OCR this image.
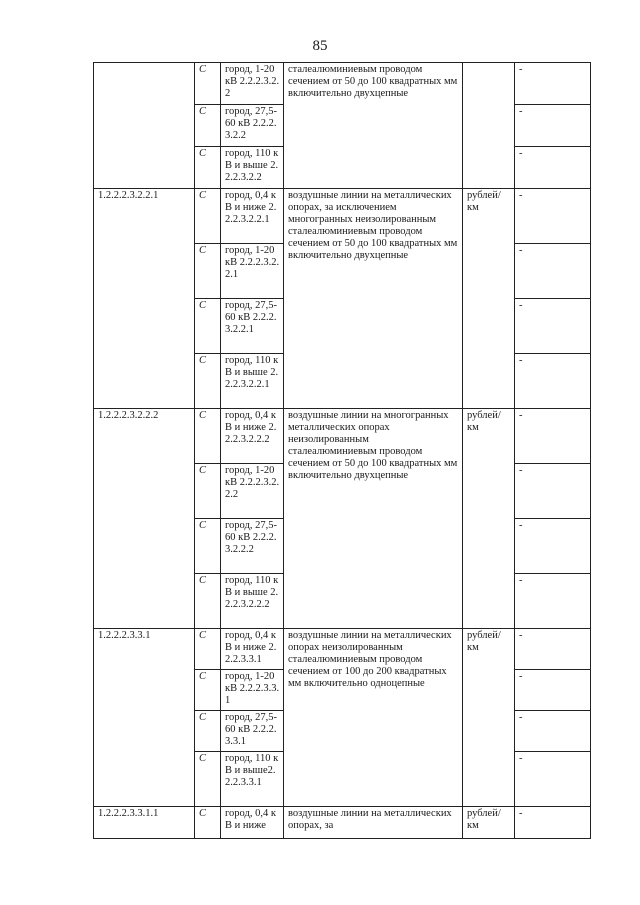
85
	С	город, 1-20 кВ 2.2.2.3.2.2	сталеалюминиевым проводом сечением от 50 до 100 квадратных мм включительно двухцепные		-
	С	город, 27,5-60 кВ 2.2.2.3.2.2			-
	С	город, 110 кВ и выше 2.2.2.3.2.2			-
1.2.2.2.3.2.2.1	С	город, 0,4 кВ и ниже 2.2.2.3.2.2.1	воздушные линии на металлических опорах, за исключением многогранных неизолированным сталеалюминиевым проводом сечением от 50 до 100 квадратных мм включительно двухцепные	рублей/км	-
	С	город, 1-20 кВ 2.2.2.3.2.2.1			-
	С	город, 27,5-60 кВ 2.2.2.3.2.2.1			-
	С	город, 110 кВ и выше 2.2.2.3.2.2.1			-
1.2.2.2.3.2.2.2	С	город, 0,4 кВ и ниже 2.2.2.3.2.2.2	воздушные линии на многогранных металлических опорах неизолированным сталеалюминиевым проводом сечением от 50 до 100 квадратных мм включительно двухцепные	рублей/км	-
	С	город, 1-20 кВ 2.2.2.3.2.2.2			-
	С	город, 27,5-60 кВ 2.2.2.3.2.2.2			-
	С	город, 110 кВ и выше 2.2.2.3.2.2.2			-
1.2.2.2.3.3.1	С	город, 0,4 кВ и ниже 2.2.2.3.3.1	воздушные линии на металлических опорах неизолированным сталеалюминиевым проводом сечением от 100 до 200 квадратных мм включительно одноцепные	рублей/км	-
	С	город, 1-20 кВ 2.2.2.3.3.1			-
	С	город, 27,5-60 кВ 2.2.2.3.3.1			-
	С	город, 110 кВ и выше2.2.2.3.3.1			-
1.2.2.2.3.3.1.1	С	город, 0,4 кВ и ниже	воздушные линии на металлических опорах, за	рублей/км	-
